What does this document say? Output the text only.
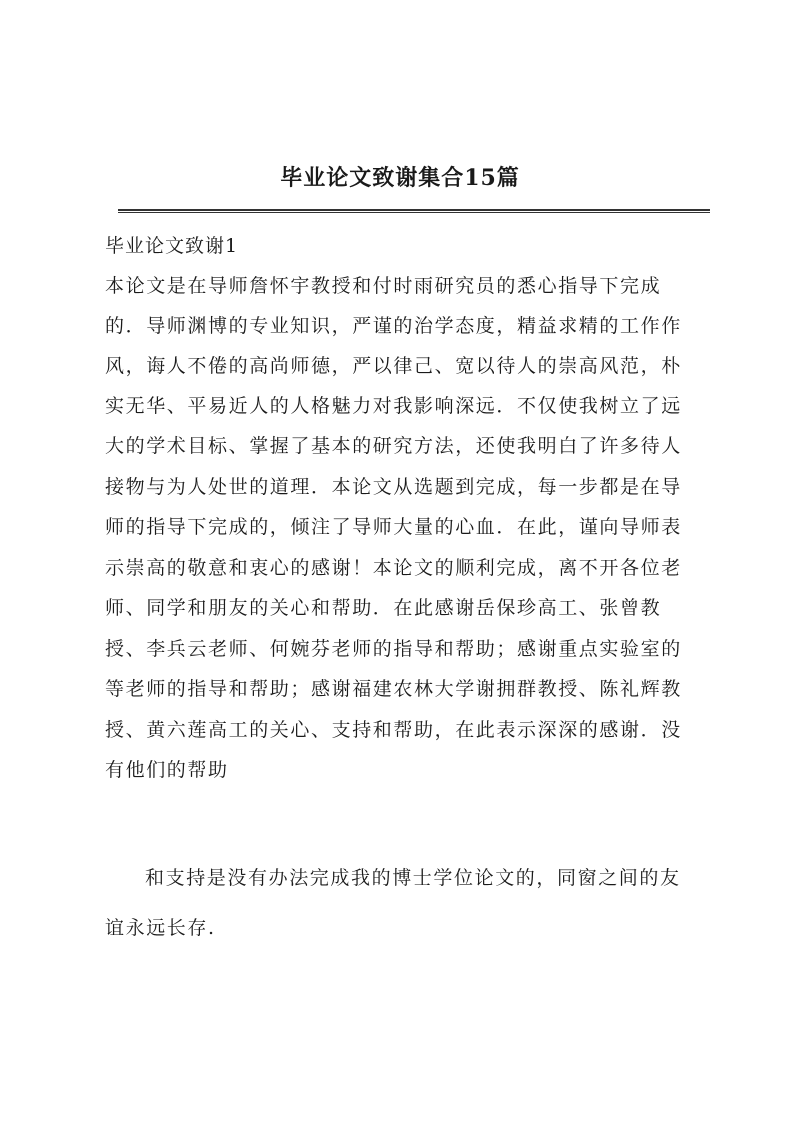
毕业论文致谢集合15篇
毕业论文致谢1
本论文是在导师詹怀宇教授和付时雨研究员的悉心指导下完成
的．导师渊博的专业知识，严谨的治学态度，精益求精的工作作
风，诲人不倦的高尚师德，严以律己、宽以待人的崇高风范，朴
实无华、平易近人的人格魅力对我影响深远．不仅使我树立了远
大的学术目标、掌握了基本的研究方法，还使我明白了许多待人
接物与为人处世的道理．本论文从选题到完成，每一步都是在导
师的指导下完成的，倾注了导师大量的心血．在此，谨向导师表
示崇高的敬意和衷心的感谢！本论文的顺利完成，离不开各位老
师、同学和朋友的关心和帮助．在此感谢岳保珍高工、张曾教
授、李兵云老师、何婉芬老师的指导和帮助；感谢重点实验室的
等老师的指导和帮助；感谢福建农林大学谢拥群教授、陈礼辉教
授、黄六莲高工的关心、支持和帮助，在此表示深深的感谢．没
有他们的帮助
和支持是没有办法完成我的博士学位论文的，同窗之间的友
谊永远长存.
